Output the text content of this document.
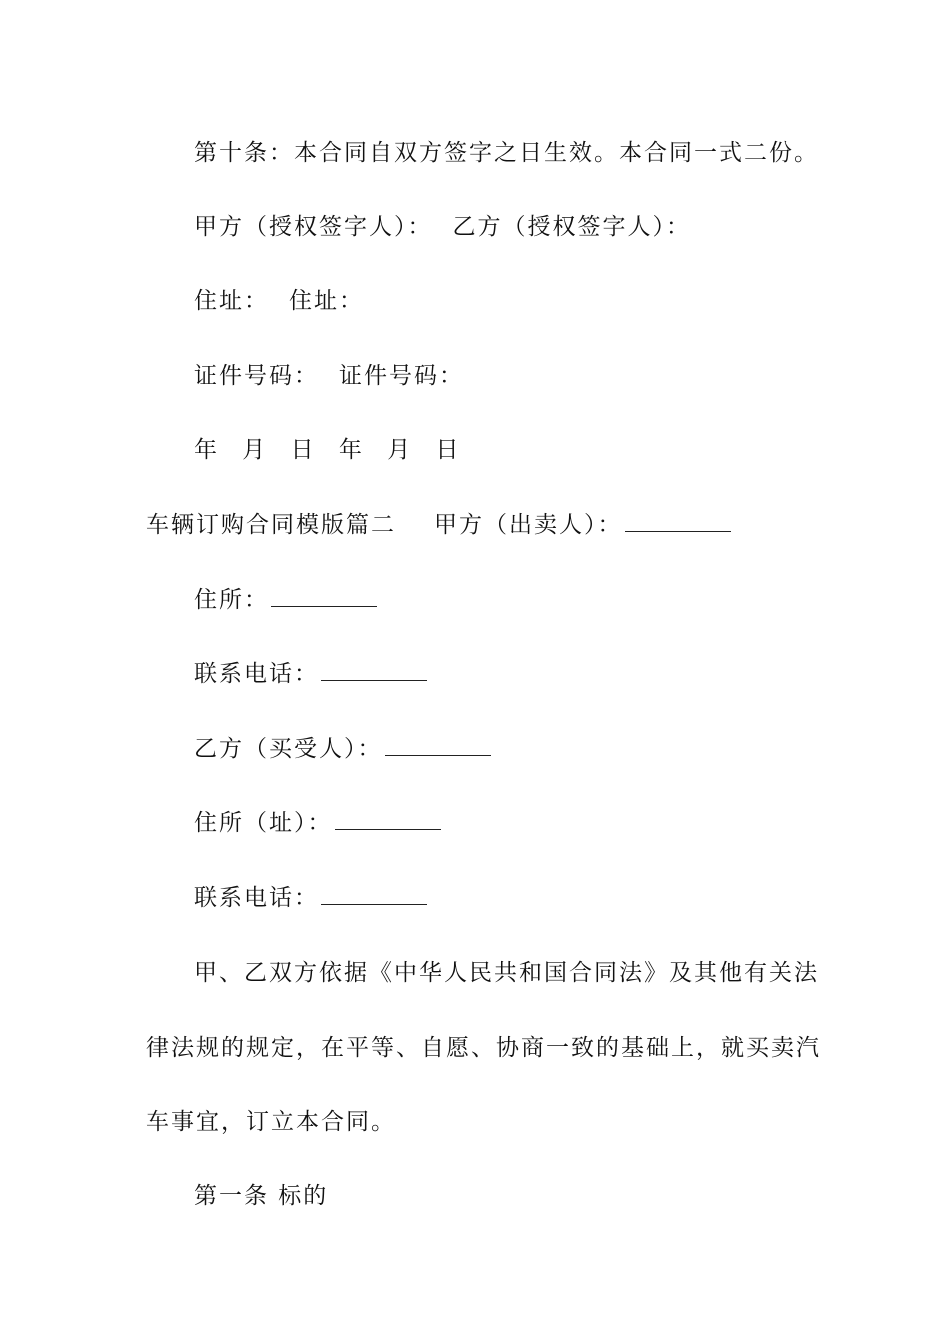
第十条：本合同自双方签字之日生效。本合同一式二份。
甲方（授权签字人）： 乙方（授权签字人）：
住址： 住址：
证件号码： 证件号码：
年 月 日 年 月 日
车辆订购合同模版篇二 甲方（出卖人）：
住所：
联系电话：
乙方（买受人）：
住所（址）：
联系电话：
甲、乙双方依据《中华人民共和国合同法》及其他有关法
律法规的规定，在平等、自愿、协商一致的基础上，就买卖汽
车事宜，订立本合同。
第一条 标的
